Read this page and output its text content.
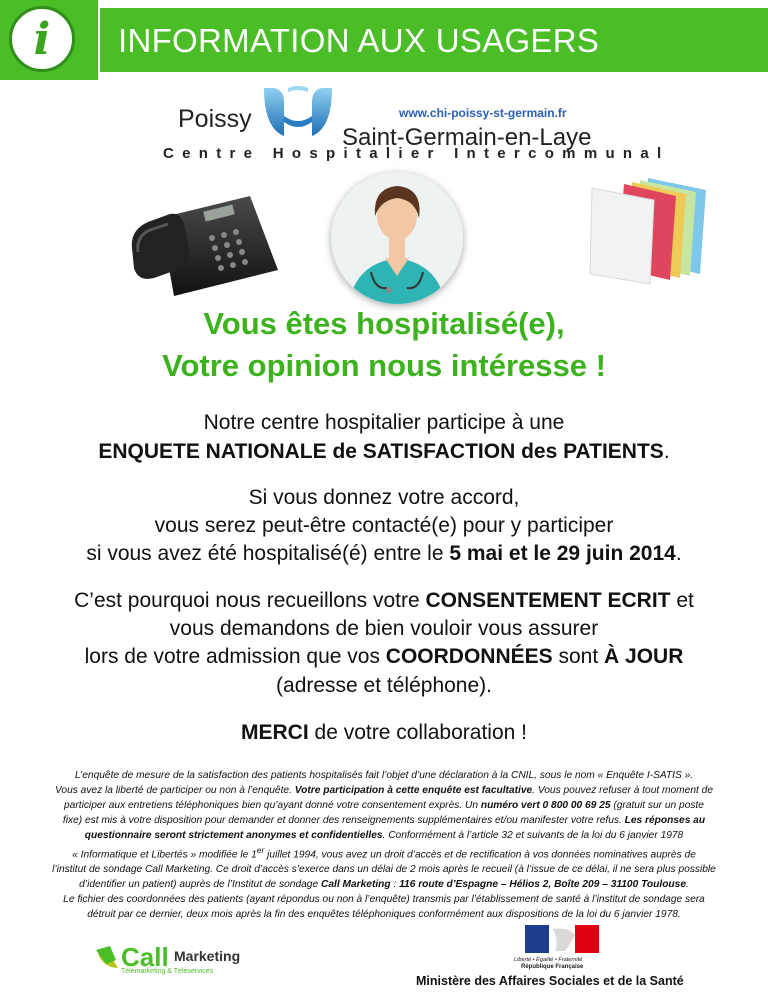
i	INFORMATION AUX USAGERS
Poissy	www.chi-poissy-st-germain.fr
Saint-Germain-en-Laye
Centre Hospitalier Intercommunal
Vous êtes hospitalisé(e),
Votre opinion nous intéresse !
Notre centre hospitalier participe à une
ENQUETE NATIONALE de SATISFACTION des PATIENTS.
Si vous donnez votre accord,
vous serez peut-être contacté(e) pour y participer
si vous avez été hospitalisé(é) entre le 5 mai et le 29 juin 2014.
C’est pourquoi nous recueillons votre CONSENTEMENT ECRIT et
vous demandons de bien vouloir vous assurer
lors de votre admission que vos COORDONNÉES sont À JOUR
(adresse et téléphone).
MERCI de votre collaboration !

L’enquête de mesure de la satisfaction des patients hospitalisés fait l’objet d’une déclaration à la CNIL, sous le nom « Enquête I-SATIS ».

Vous avez la liberté de participer ou non à l’enquête. Votre participation à cette enquête est facultative. Vous pouvez refuser à tout moment de

participer aux entretiens téléphoniques bien qu’ayant donné votre consentement exprès. Un numéro vert 0 800 00 69 25 (gratuit sur un poste

fixe) est mis à votre disposition pour demander et donner des renseignements supplémentaires et/ou manifester votre refus. Les réponses au

questionnaire seront strictement anonymes et confidentielles. Conformément à l’article 32 et suivants de la loi du 6 janvier 1978

« Informatique et Libertés » modifiée le 1er juillet 1994, vous avez un droit d’accès et de rectification à vos données nominatives auprès de

l’institut de sondage Call Marketing. Ce droit d’accès s’exerce dans un délai de 2 mois après le recueil (à l’issue de ce délai, il ne sera plus possible

d’identifier un patient) auprès de l’Institut de sondage Call Marketing : 116 route d’Espagne – Hélios 2, Boîte 209 – 31100 Toulouse.

Le fichier des coordonnées des patients (ayant répondus ou non à l’enquête) transmis par l’établissement de santé à l’institut de sondage sera

détruit par ce dernier, deux mois après la fin des enquêtes téléphoniques conformément aux dispositions de la loi du 6 janvier 1978.

Call Marketing
Télémarketing & Téléservices
Liberté • Égalité • Fraternité
République Française
Ministère des Affaires Sociales et de la Santé
